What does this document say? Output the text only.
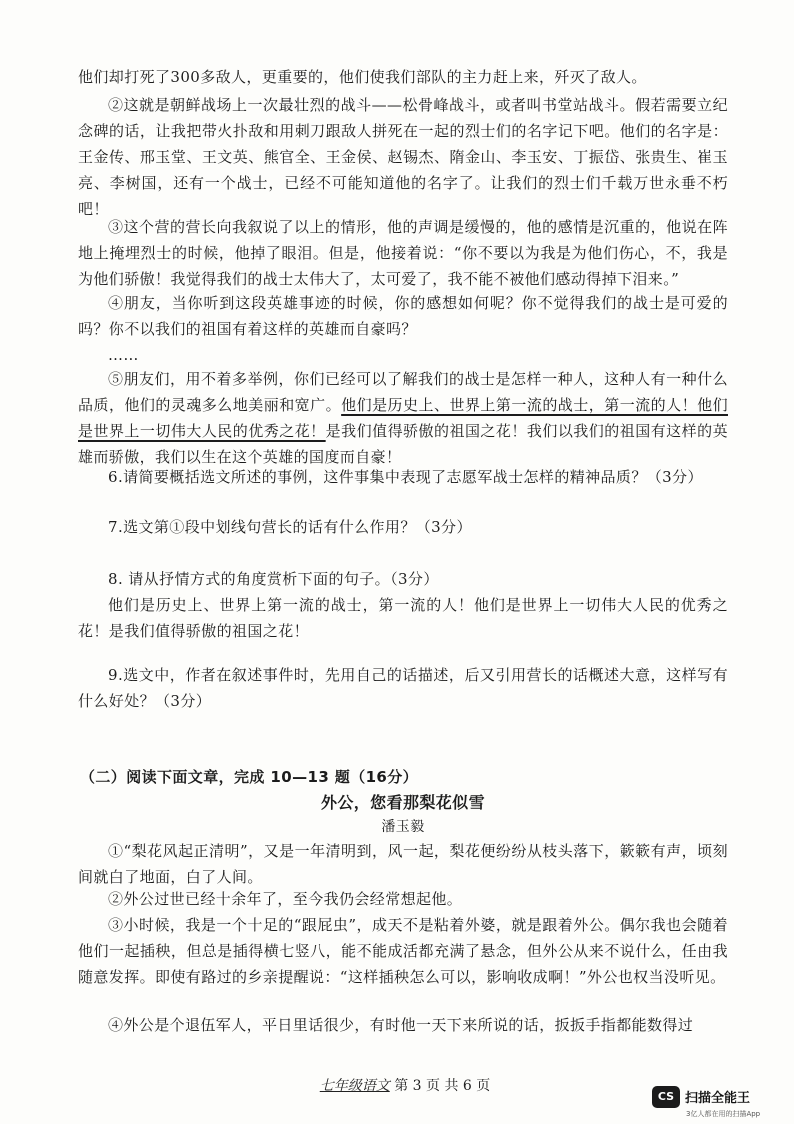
他们却打死了300多敌人，更重要的，他们使我们部队的主力赶上来，歼灭了敌人。

②这就是朝鲜战场上一次最壮烈的战斗——松骨峰战斗，或者叫书堂站战斗。假若需要立纪念碑的话，让我把带火扑敌和用刺刀跟敌人拼死在一起的烈士们的名字记下吧。他们的名字是：王金传、邢玉堂、王文英、熊官全、王金侯、赵锡杰、隋金山、李玉安、丁振岱、张贵生、崔玉亮、李树国，还有一个战士，已经不可能知道他的名字了。让我们的烈士们千载万世永垂不朽吧！

③这个营的营长向我叙说了以上的情形，他的声调是缓慢的，他的感情是沉重的，他说在阵地上掩埋烈士的时候，他掉了眼泪。但是，他接着说：“你不要以为我是为他们伤心，不，我是为他们骄傲！我觉得我们的战士太伟大了，太可爱了，我不能不被他们感动得掉下泪来。”

④朋友，当你听到这段英雄事迹的时候，你的感想如何呢？你不觉得我们的战士是可爱的吗？你不以我们的祖国有着这样的英雄而自豪吗？

……

⑤朋友们，用不着多举例，你们已经可以了解我们的战士是怎样一种人，这种人有一种什么品质，他们的灵魂多么地美丽和宽广。他们是历史上、世界上第一流的战士，第一流的人！他们是世界上一切伟大人民的优秀之花！是我们值得骄傲的祖国之花！我们以我们的祖国有这样的英雄而骄傲，我们以生在这个英雄的国度而自豪！

6.请简要概括选文所述的事例，这件事集中表现了志愿军战士怎样的精神品质？（3分）

7.选文第①段中划线句营长的话有什么作用？（3分）

8. 请从抒情方式的角度赏析下面的句子。（3分）

他们是历史上、世界上第一流的战士，第一流的人！他们是世界上一切伟大人民的优秀之花！是我们值得骄傲的祖国之花！

9.选文中，作者在叙述事件时，先用自己的话描述，后又引用营长的话概述大意，这样写有什么好处？（3分）

（二）阅读下面文章，完成 10—13 题（16分）

外公，您看那梨花似雪

潘玉毅

①“梨花风起正清明”，又是一年清明到，风一起，梨花便纷纷从枝头落下，簌簌有声，顷刻间就白了地面，白了人间。

②外公过世已经十余年了，至今我仍会经常想起他。

③小时候，我是一个十足的“跟屁虫”，成天不是粘着外婆，就是跟着外公。偶尔我也会随着他们一起插秧，但总是插得横七竖八，能不能成活都充满了悬念，但外公从来不说什么，任由我随意发挥。即使有路过的乡亲提醒说：“这样插秧怎么可以，影响收成啊！”外公也权当没听见。

④外公是个退伍军人，平日里话很少，有时他一天下来所说的话，扳扳手指都能数得过

七年级语文 第 3 页 共 6 页
CS 扫描全能王
3亿人都在用的扫描App
